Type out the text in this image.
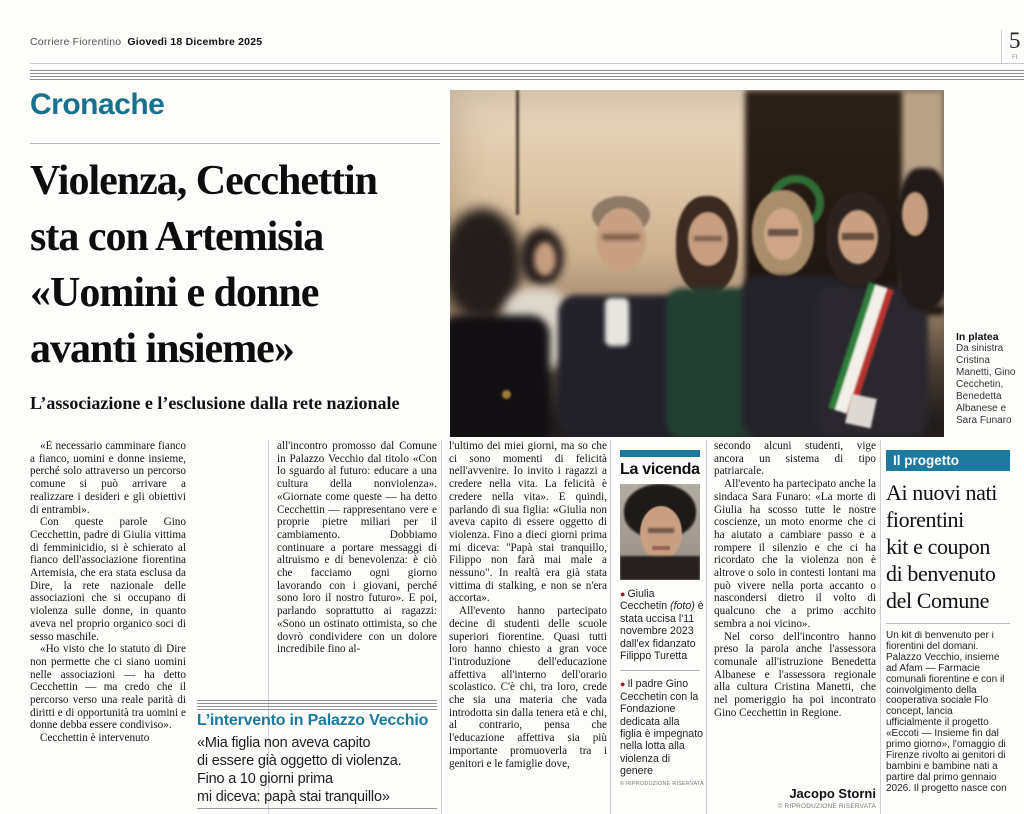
Corriere Fiorentino Giovedì 18 Dicembre 2025	5
FI
Cronache
Violenza, Cecchettin
sta con Artemisia
«Uomini e donne
avanti insieme»
L’associazione e l’esclusione dalla rete nazionale
In platea
Da sinistra Cristina Manetti, Gino Cecchetin, Benedetta Albanese e Sara Funaro

«È necessario camminare fianco a fianco, uomini e donne insieme, perché solo attraverso un percorso comune si può arrivare a realizzare i desideri e gli obiettivi di entrambi».

Con queste parole Gino Cecchettin, padre di Giulia vittima di femminicidio, si è schierato al fianco dell'associazione fiorentina Artemisia, che era stata esclusa da Dire, la rete nazionale delle associazioni che si occupano di violenza sulle donne, in quanto aveva nel proprio organico soci di sesso maschile.

«Ho visto che lo statuto di Dire non permette che ci siano uomini nelle associazioni — ha detto Cecchettin — ma credo che il percorso verso una reale parità di diritti e di opportunità tra uomini e donne debba essere condiviso».

Cecchettin è intervenuto

all'incontro promosso dal Comune in Palazzo Vecchio dal titolo «Con lo sguardo al futuro: educare a una cultura della nonviolenza». «Giornate come queste — ha detto Cecchettin — rappresentano vere e proprie pietre miliari per il cambiamento. Dobbiamo continuare a portare messaggi di altruismo e di benevolenza: è ciò che facciamo ogni giorno lavorando con i giovani, perché sono loro il nostro futuro». E poi, parlando soprattutto ai ragazzi: «Sono un ostinato ottimista, so che dovrò condividere con un dolore incredibile fino al-

L’intervento in Palazzo Vecchio
«Mia figlia non aveva capito
di essere già oggetto di violenza.
Fino a 10 giorni prima
mi diceva: papà stai tranquillo»

l'ultimo dei miei giorni, ma so che ci sono momenti di felicità nell'avvenire. Io invito i ragazzi a credere nella vita. La felicità è credere nella vita». E quindi, parlando di sua figlia: «Giulia non aveva capito di essere oggetto di violenza. Fino a dieci giorni prima mi diceva: "Papà stai tranquillo, Filippo non farà mai male a nessuno". In realtà era già stata vittima di stalking, e non se n'era accorta».

All'evento hanno partecipato decine di studenti delle scuole superiori fiorentine. Quasi tutti loro hanno chiesto a gran voce l'introduzione dell'educazione affettiva all'interno dell'orario scolastico. C'è chi, tra loro, crede che sia una materia che vada introdotta sin dalla tenera età e chi, al contrario, pensa che l'educazione affettiva sia più importante promuoverla tra i genitori e le famiglie dove,

La vicenda
● Giulia Cecchetin (foto) è stata uccisa l'11 novembre 2023 dall'ex fidanzato Filippo Turetta
● Il padre Gino Cecchetin con la Fondazione dedicata alla figlia è impegnato nella lotta alla violenza di genere
© RIPRODUZIONE RISERVATA

secondo alcuni studenti, vige ancora un sistema di tipo patriarcale.

All'evento ha partecipato anche la sindaca Sara Funaro: «La morte di Giulia ha scosso tutte le nostre coscienze, un moto enorme che ci ha aiutato a cambiare passo e a rompere il silenzio e che ci ha ricordato che la violenza non è altrove o solo in contesti lontani ma può vivere nella porta accanto o nascondersi dietro il volto di qualcuno che a primo acchito sembra a noi vicino».

Nel corso dell'incontro hanno preso la parola anche l'assessora comunale all'istruzione Benedetta Albanese e l'assessora regionale alla cultura Cristina Manetti, che nel pomeriggio ha poi incontrato Gino Cecchettin in Regione.

Jacopo Storni
© RIPRODUZIONE RISERVATA
Il progetto
Ai nuovi nati
fiorentini
kit e coupon
di benvenuto
del Comune
Un kit di benvenuto per i fiorentini del domani. Palazzo Vecchio, insieme ad Afam — Farmacie comunali fiorentine e con il coinvolgimento della cooperativa sociale Flo concept, lancia ufficialmente il progetto «Eccoti — Insieme fin dal primo giorno», l'omaggio di Firenze rivolto ai genitori di bambini e bambine nati a partire dal primo gennaio 2026. Il progetto nasce con
